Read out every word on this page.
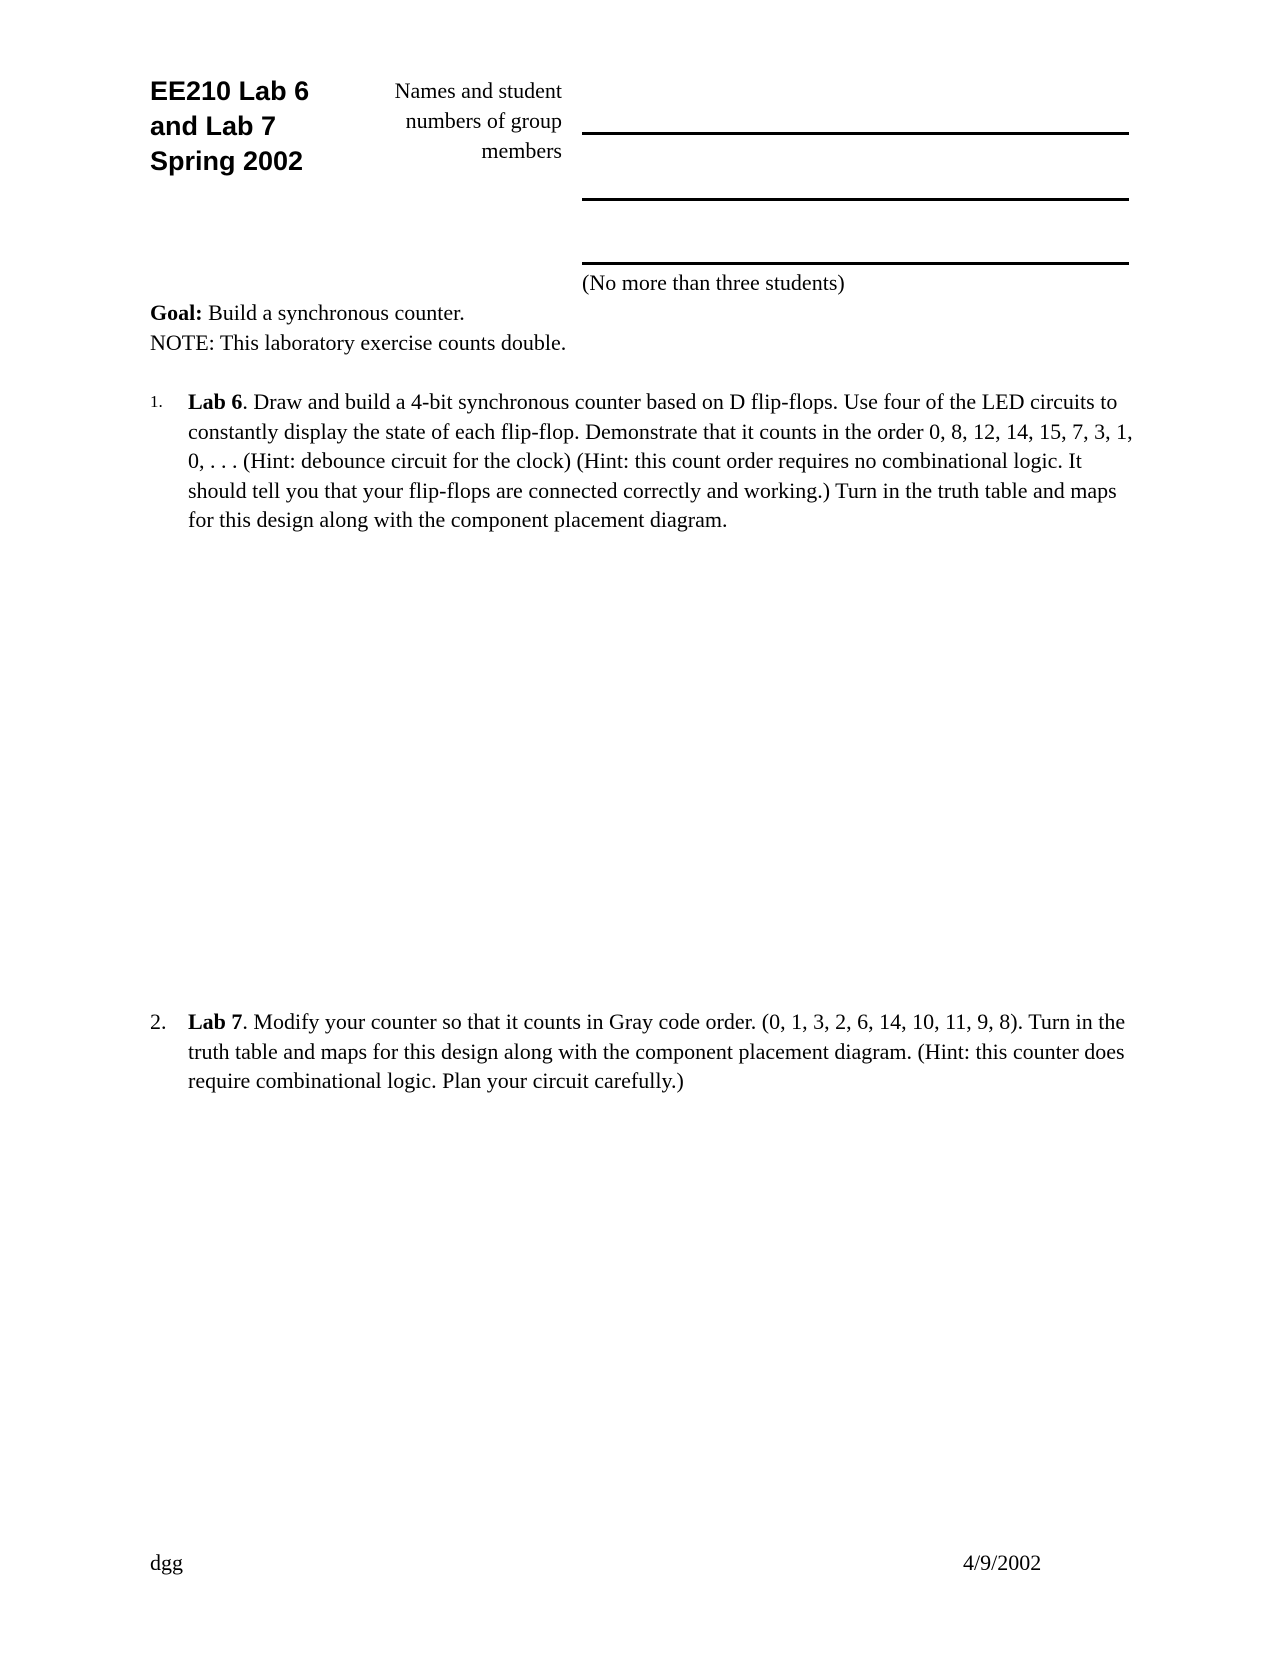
EE210 Lab 6
and Lab 7
Spring 2002
Names and student
numbers of group
members
(No more than three students)
Goal: Build a synchronous counter.
NOTE: This laboratory exercise counts double.
1.	Lab 6. Draw and build a 4-bit synchronous counter based on D flip-flops. Use four of the LED circuits to constantly display the state of each flip-flop. Demonstrate that it counts in the order 0, 8, 12, 14, 15, 7, 3, 1, 0, . . . (Hint: debounce circuit for the clock) (Hint: this count order requires no combinational logic. It should tell you that your flip-flops are connected correctly and working.) Turn in the truth table and maps for this design along with the component placement diagram.
2. Lab 7. Modify your counter so that it counts in Gray code order. (0, 1, 3, 2, 6, 14, 10, 11, 9, 8). Turn in the truth table and maps for this design along with the component placement diagram. (Hint: this counter does require combinational logic. Plan your circuit carefully.)
dgg	4/9/2002
